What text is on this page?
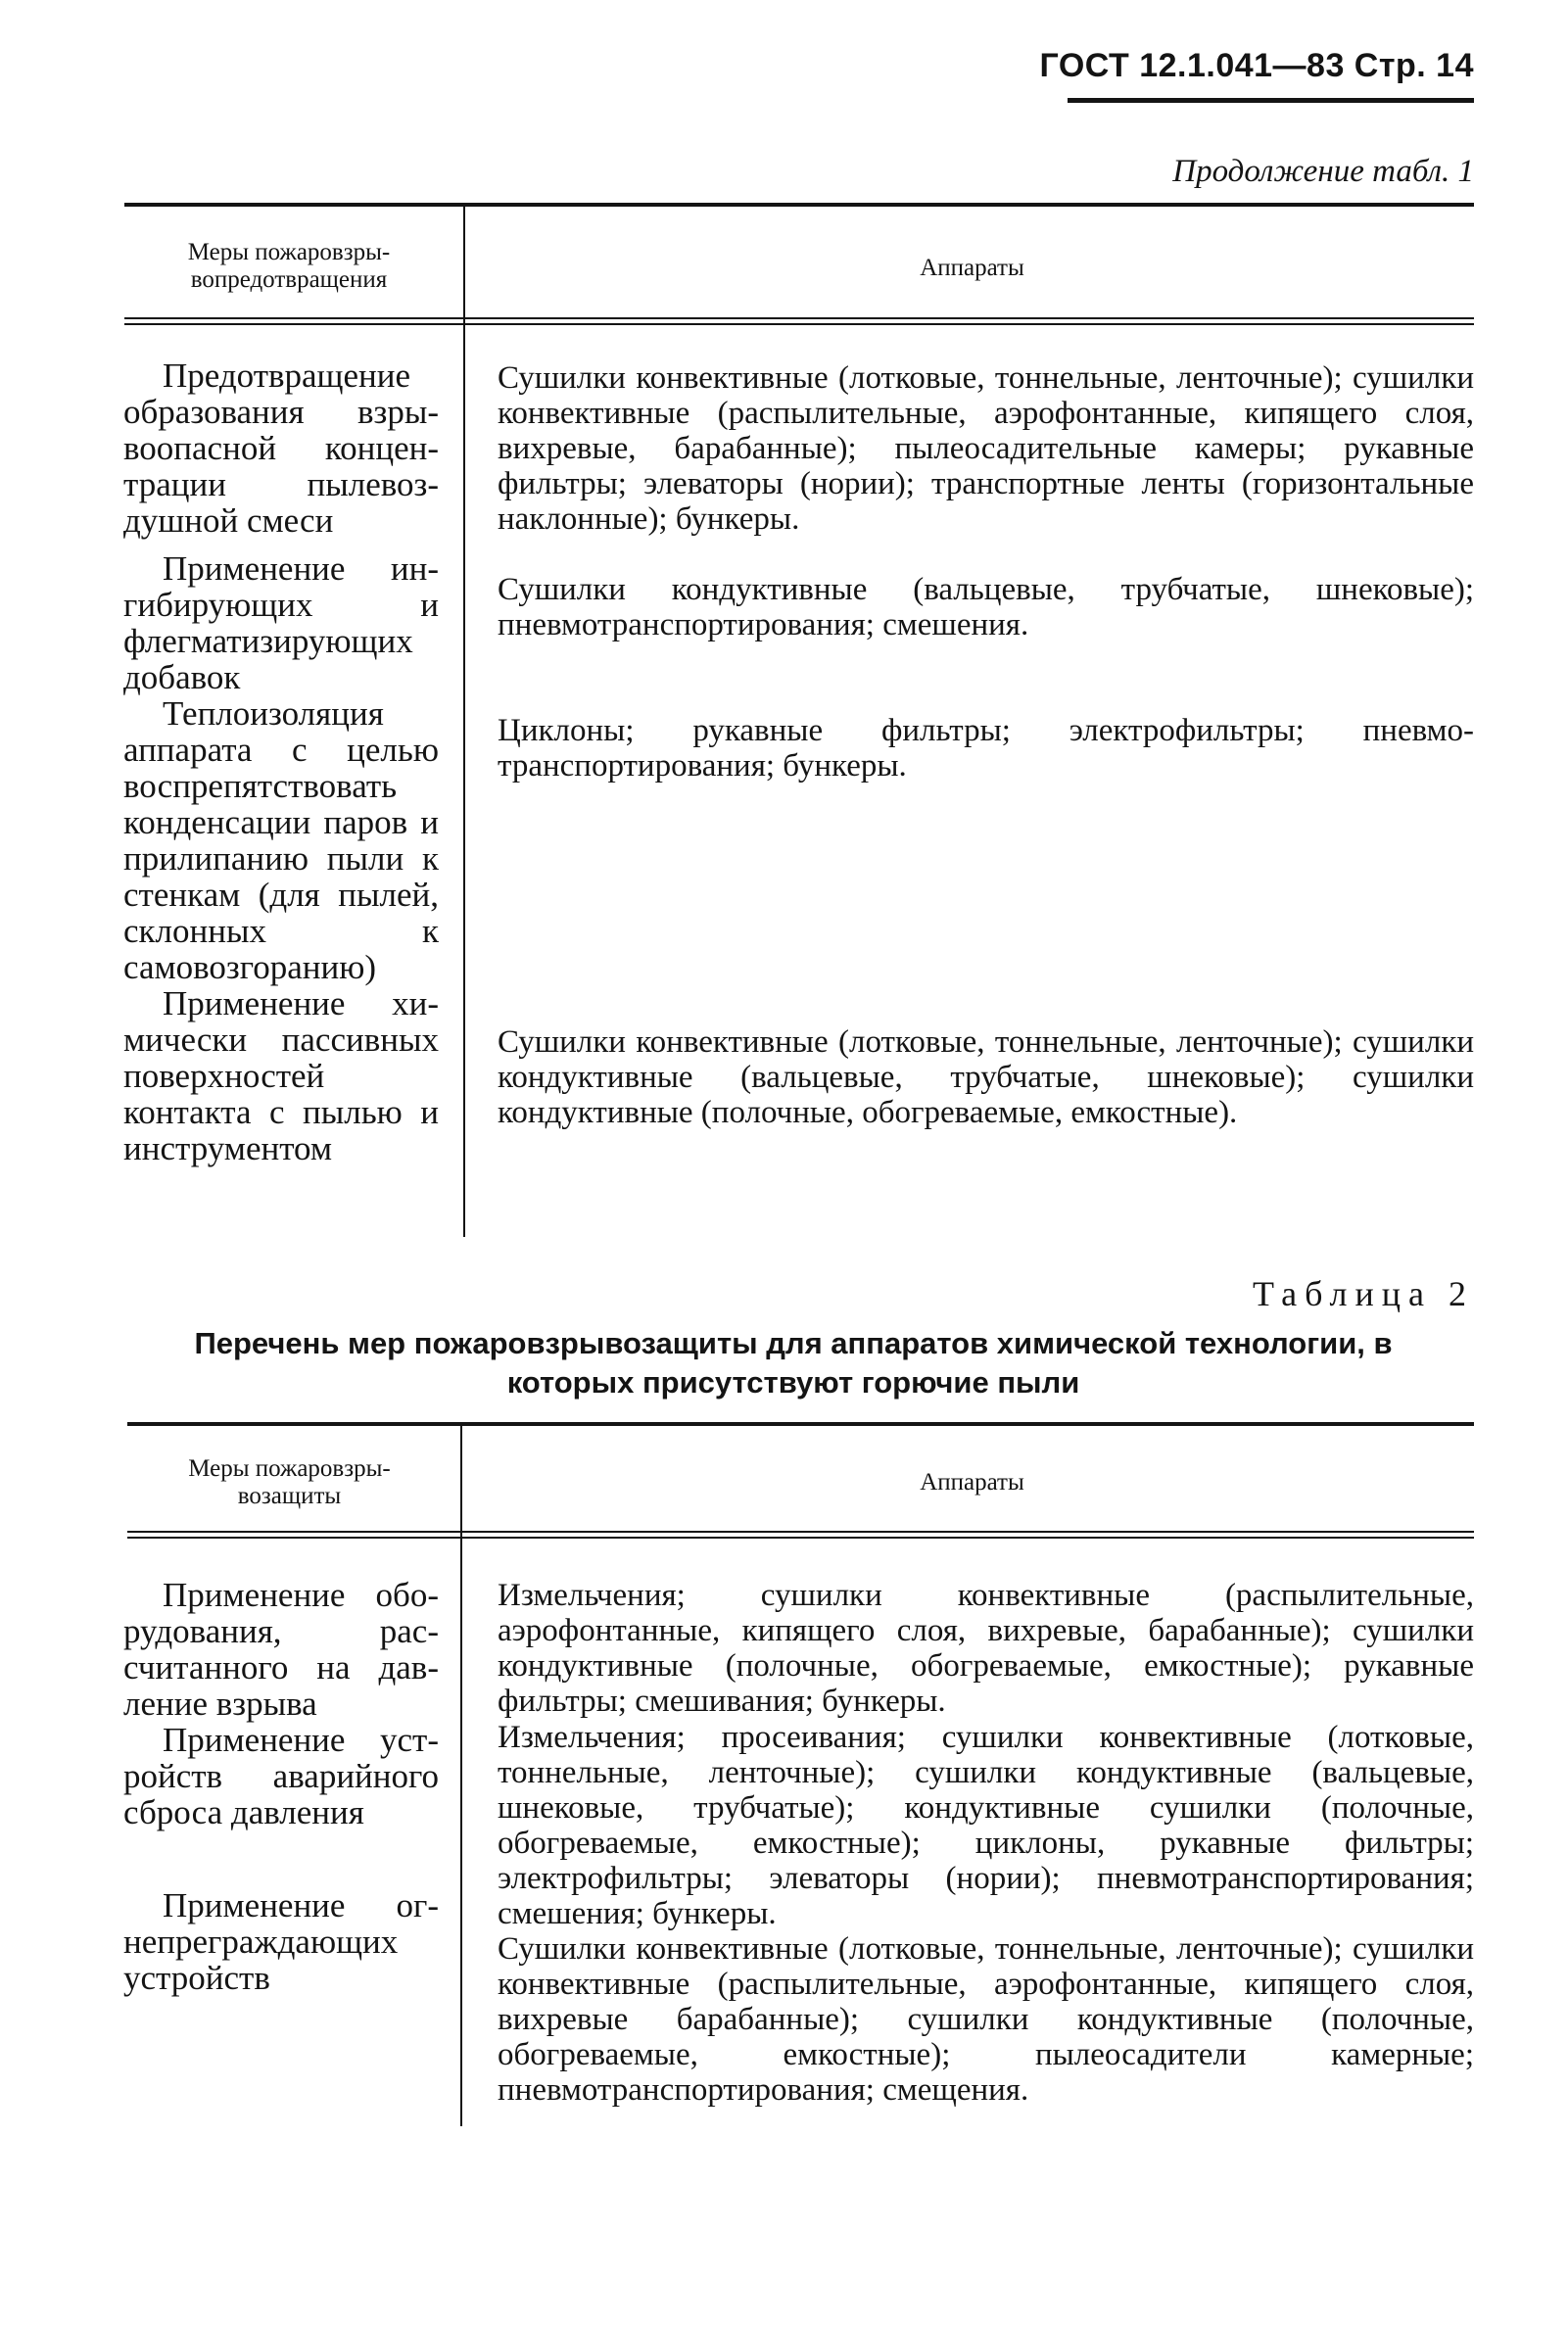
ГОСТ 12.1.041—83 Стр. 14
Продолжение табл. 1
Меры пожаровзры-
вопредотвращения	Аппараты

Предотвращение образования взрывоопасной концентрации пылевоздушной смеси

Применение ингибирующих и флегматизирующих добавок

Теплоизоляция аппарата с целью воспрепятствовать конденсации паров и прилипанию пыли к стенкам (для пылей, склонных к самовозгоранию)

Применение химически пассивных поверхностей контакта с пылью и инструментом

Сушилки конвективные (лотковые, тоннельные, ленточные); сушилки конвективные (распылительные, аэрофонтанные, кипящего слоя, вихревые, барабанные); пылеосадительные камеры; рукавные фильтры; элеваторы (нории); транспортные ленты (горизонтальные наклонные); бункеры.
Сушилки кондуктивные (вальцевые, трубчатые, шнековые); пневмотранспортирования; смешения.
Циклоны; рукавные фильтры; электрофильтры; пневмотранспортирования; бункеры.
Сушилки конвективные (лотковые, тоннельные, ленточные); сушилки кондуктивные (вальцевые, трубчатые, шнековые); сушилки кондуктивные (полочные, обогреваемые, емкостные).
Таблица 2
Перечень мер пожаровзрывозащиты для аппаратов химической технологии, в которых присутствуют горючие пыли
Меры пожаровзры-
возащиты
Аппараты

Применение оборудования, рассчитанного на давление взрыва

Применение устройств аварийного сброса давления

Применение огнепреграждающих устройств

Измельчения; сушилки конвективные (распылительные, аэрофонтанные, кипящего слоя, вихревые, барабанные); сушилки кондуктивные (полочные, обогреваемые, емкостные); рукавные фильтры; смешивания; бункеры.
Измельчения; просеивания; сушилки конвективные (лотковые, тоннельные, ленточные); сушилки кондуктивные (вальцевые, шнековые, трубчатые); кондуктивные сушилки (полочные, обогреваемые, емкостные); циклоны, рукавные фильтры; электрофильтры; элеваторы (нории); пневмотранспортирования; смешения; бункеры.
Сушилки конвективные (лотковые, тоннельные, ленточные); сушилки конвективные (распылительные, аэрофонтанные, кипящего слоя, вихревые барабанные); сушилки кондуктивные (полочные, обогреваемые, емкостные); пылеосадители камерные; пневмотранспортирования; смещения.
